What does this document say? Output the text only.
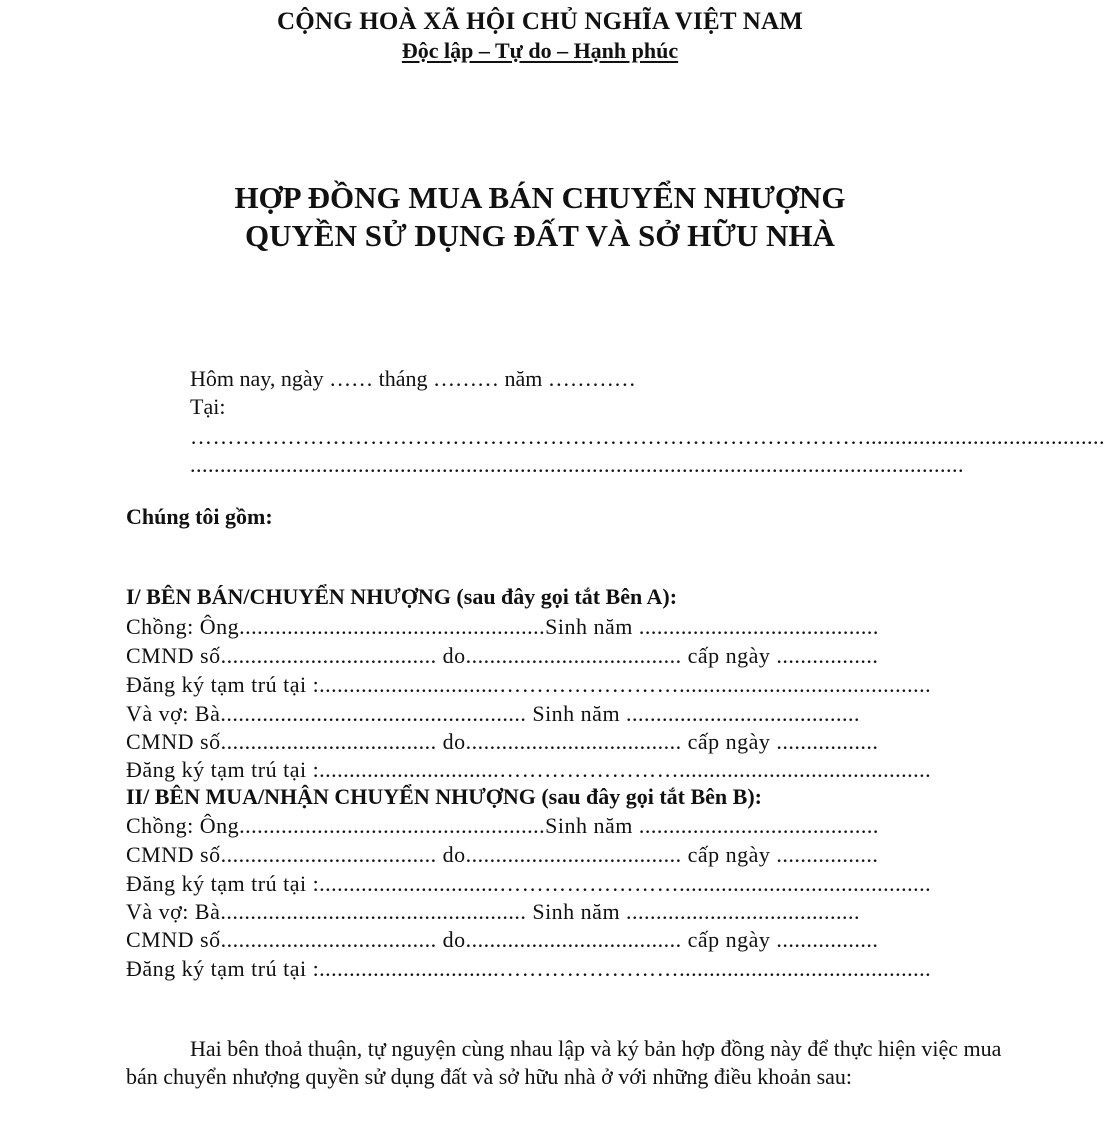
CỘNG HOÀ XÃ HỘI CHỦ NGHĨA VIỆT NAM
Độc lập – Tự do – Hạnh phúc
HỢP ĐỒNG MUA BÁN CHUYỂN NHƯỢNG
QUYỀN SỬ DỤNG ĐẤT VÀ SỞ HỮU NHÀ
Hôm nay, ngày …… tháng ……… năm …………
Tại:
………………………………………………………………………………........................................
.................................................................................................................................
Chúng tôi gồm:
I/ BÊN BÁN/CHUYỂN NHƯỢNG (sau đây gọi tắt Bên A):
Chồng: Ông...................................................Sinh năm ........................................
CMND số.................................... do.................................... cấp ngày .................
Đăng ký tạm trú tại :..............................……………………..........................................
Và vợ: Bà................................................... Sinh năm .......................................
CMND số.................................... do.................................... cấp ngày .................
Đăng ký tạm trú tại :..............................……………………..........................................
II/ BÊN MUA/NHẬN CHUYỂN NHƯỢNG (sau đây gọi tắt Bên B):
Chồng: Ông...................................................Sinh năm ........................................
CMND số.................................... do.................................... cấp ngày .................
Đăng ký tạm trú tại :..............................……………………..........................................
Và vợ: Bà................................................... Sinh năm .......................................
CMND số.................................... do.................................... cấp ngày .................
Đăng ký tạm trú tại :..............................……………………..........................................
Hai bên thoả thuận, tự nguyện cùng nhau lập và ký bản hợp đồng này để thực hiện việc mua bán chuyển nhượng quyền sử dụng đất và sở hữu nhà ở với những điều khoản sau:
